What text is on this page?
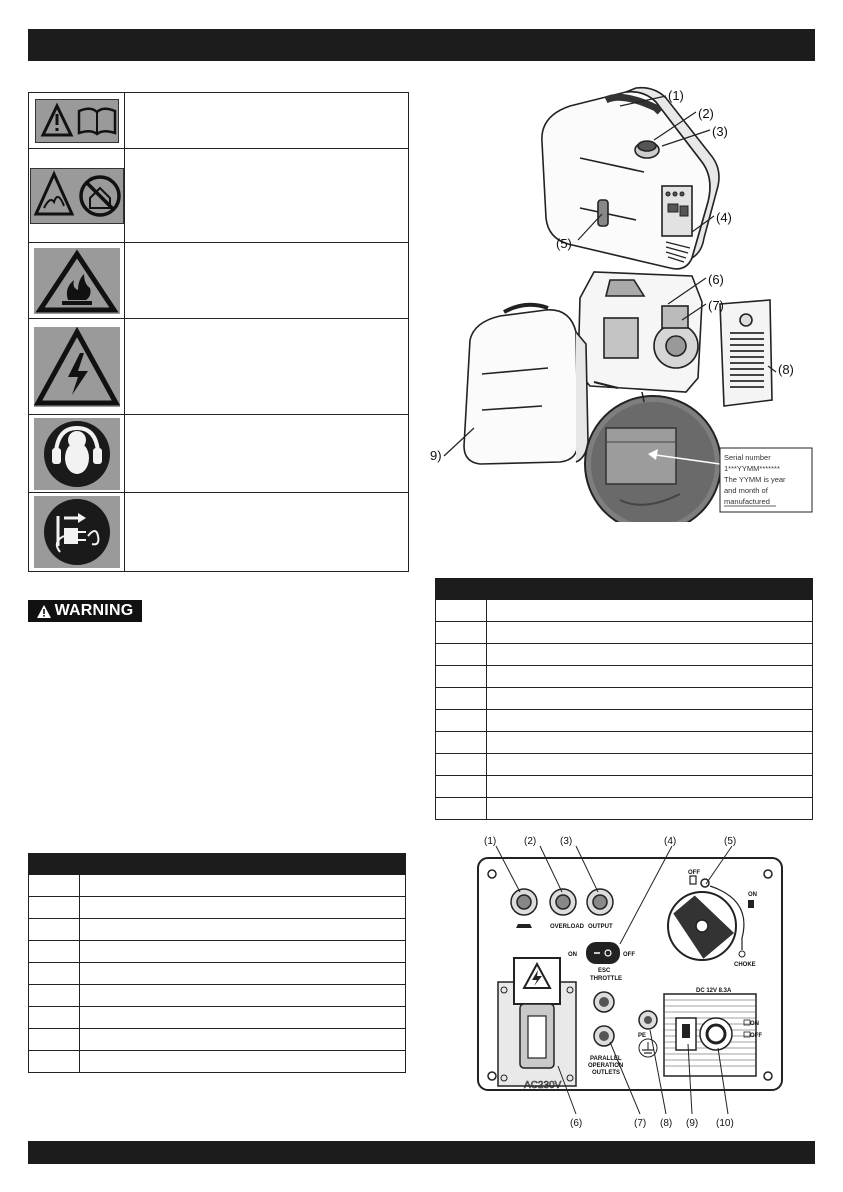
WARNING
(1)
(2)
(3)
(4)
(5)
(6)
(7)
(8)
9)	Serial number
1***YYMM*******
The YYMM is year
and month of
manufactured
OVERLOAD OUTPUT
ON	OFF
ESC
THROTTLE
DC 12V 8.3A
PARALLEL
OPERATION
OUTLETS
PE
OFF
ON
CHOKE
ON
OFF
AC230V
(1)	(2) (3)	(4)	(5)
(6)	(7) (8) (9) (10)
